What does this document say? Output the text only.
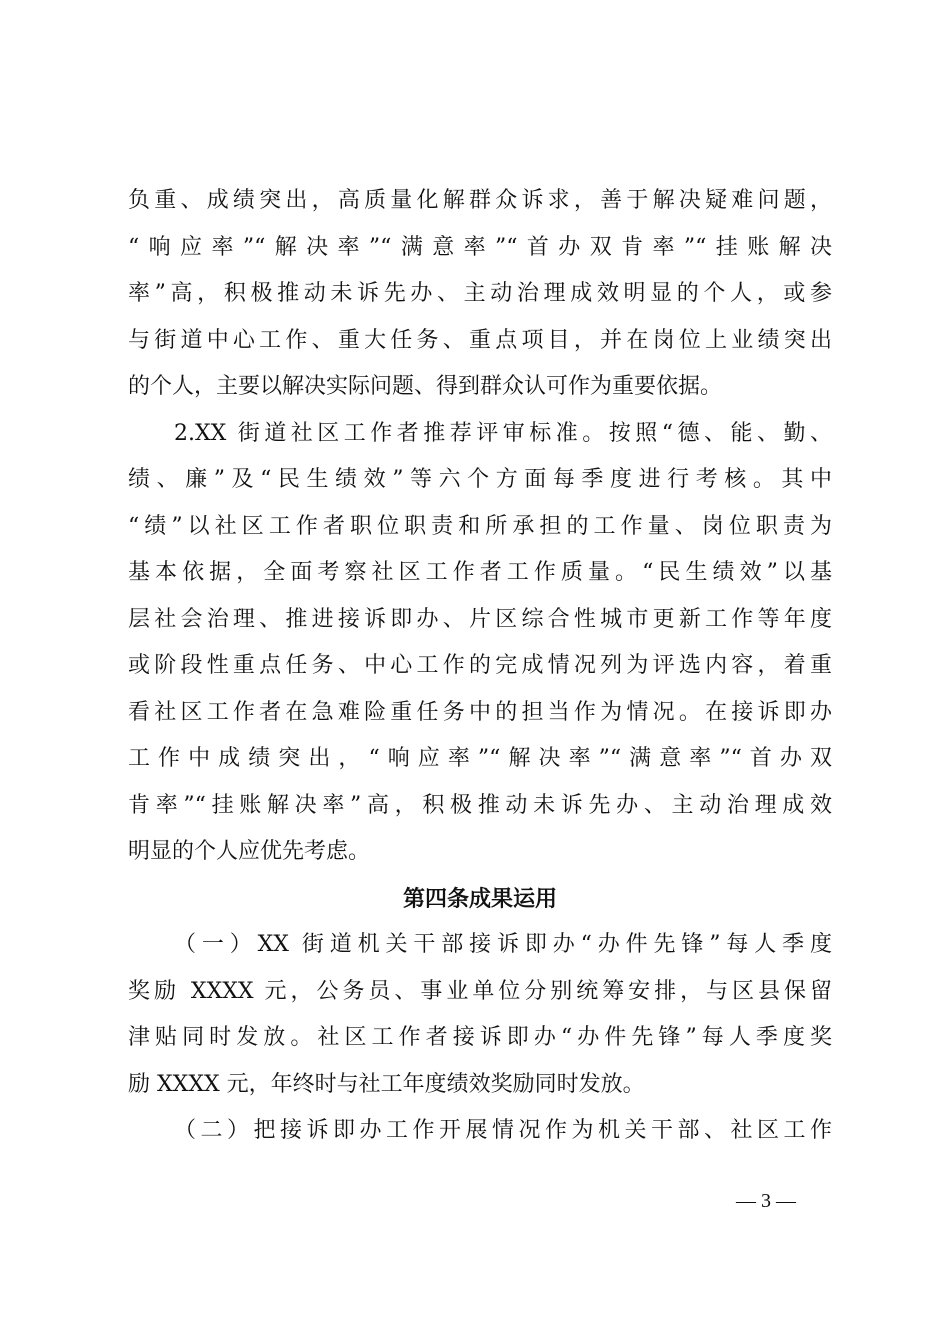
负重、成绩突出，高质量化解群众诉求，善于解决疑难问题，
“响应率”“解决率”“满意率”“首办双肯率”“挂账解决
率”高，积极推动未诉先办、主动治理成效明显的个人，或参
与街道中心工作、重大任务、重点项目，并在岗位上业绩突出
的个人，主要以解决实际问题、得到群众认可作为重要依据。
2.XX 街道社区工作者推荐评审标准。按照“德、能、勤、
绩、廉”及“民生绩效”等六个方面每季度进行考核。其中
“绩”以社区工作者职位职责和所承担的工作量、岗位职责为
基本依据，全面考察社区工作者工作质量。“民生绩效”以基
层社会治理、推进接诉即办、片区综合性城市更新工作等年度
或阶段性重点任务、中心工作的完成情况列为评选内容，着重
看社区工作者在急难险重任务中的担当作为情况。在接诉即办
工作中成绩突出，“响应率”“解决率”“满意率”“首办双
肯率”“挂账解决率”高，积极推动未诉先办、主动治理成效
明显的个人应优先考虑。
第四条成果运用
（一）XX 街道机关干部接诉即办“办件先锋”每人季度
奖励 XXXX 元，公务员、事业单位分别统筹安排，与区县保留
津贴同时发放。社区工作者接诉即办“办件先锋”每人季度奖
励 XXXX 元，年终时与社工年度绩效奖励同时发放。
（二）把接诉即办工作开展情况作为机关干部、社区工作
— 3 —
